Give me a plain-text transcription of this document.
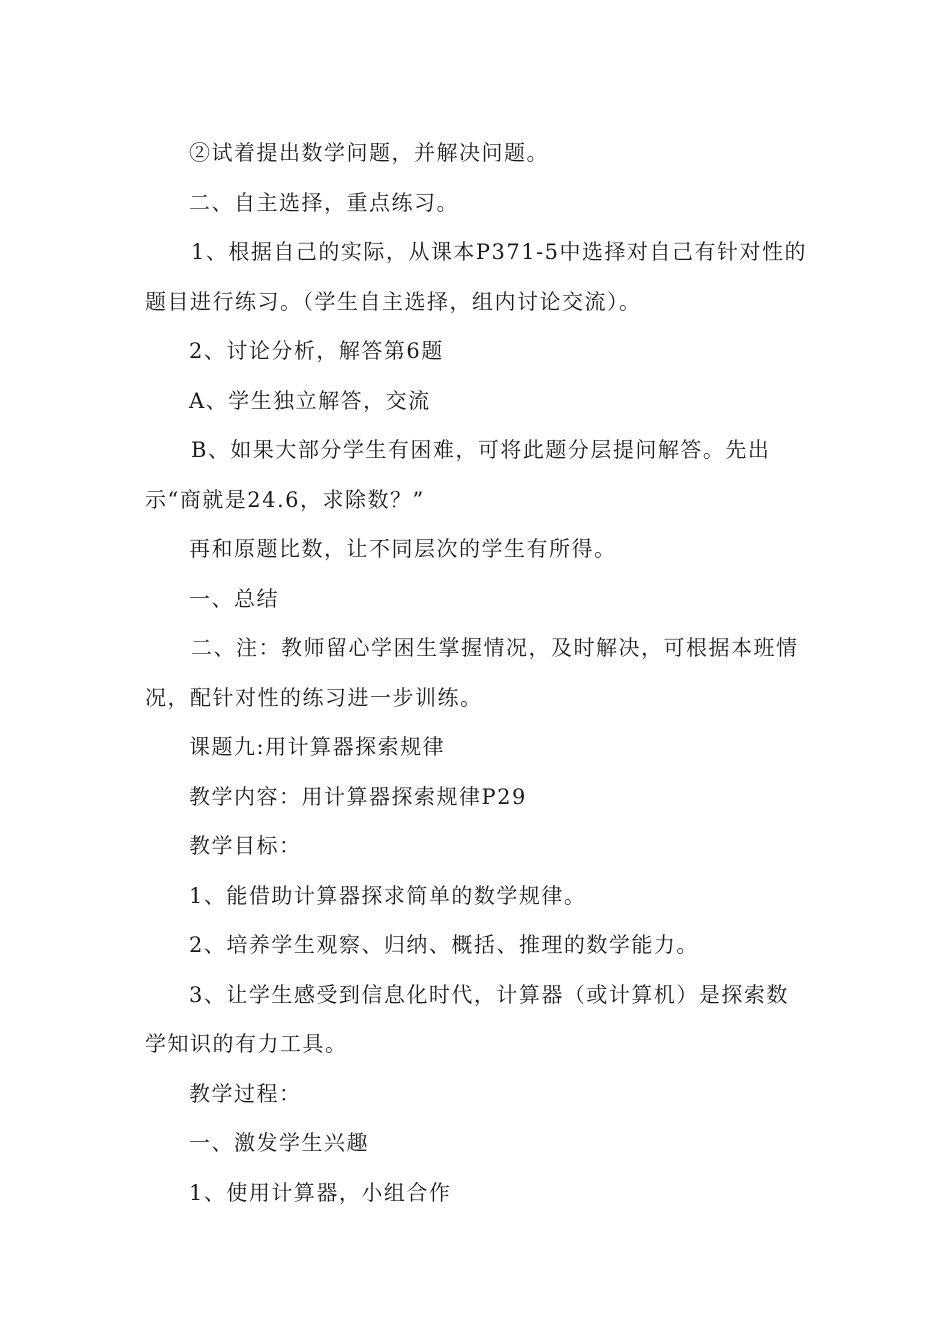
②试着提出数学问题，并解决问题。

二、自主选择，重点练习。

1、根据自己的实际，从课本P371-5中选择对自己有针对性的题目进行练习。（学生自主选择，组内讨论交流）。

2、讨论分析，解答第6题

A、学生独立解答，交流

B、如果大部分学生有困难，可将此题分层提问解答。先出示“商就是24.6，求除数？”

再和原题比数，让不同层次的学生有所得。

一、总结

二、注：教师留心学困生掌握情况，及时解决，可根据本班情况，配针对性的练习进一步训练。

课题九:用计算器探索规律

教学内容：用计算器探索规律P29

教学目标：

1、能借助计算器探求简单的数学规律。

2、培养学生观察、归纳、概括、推理的数学能力。

3、让学生感受到信息化时代，计算器（或计算机）是探索数学知识的有力工具。

教学过程：

一、激发学生兴趣

1、使用计算器，小组合作
